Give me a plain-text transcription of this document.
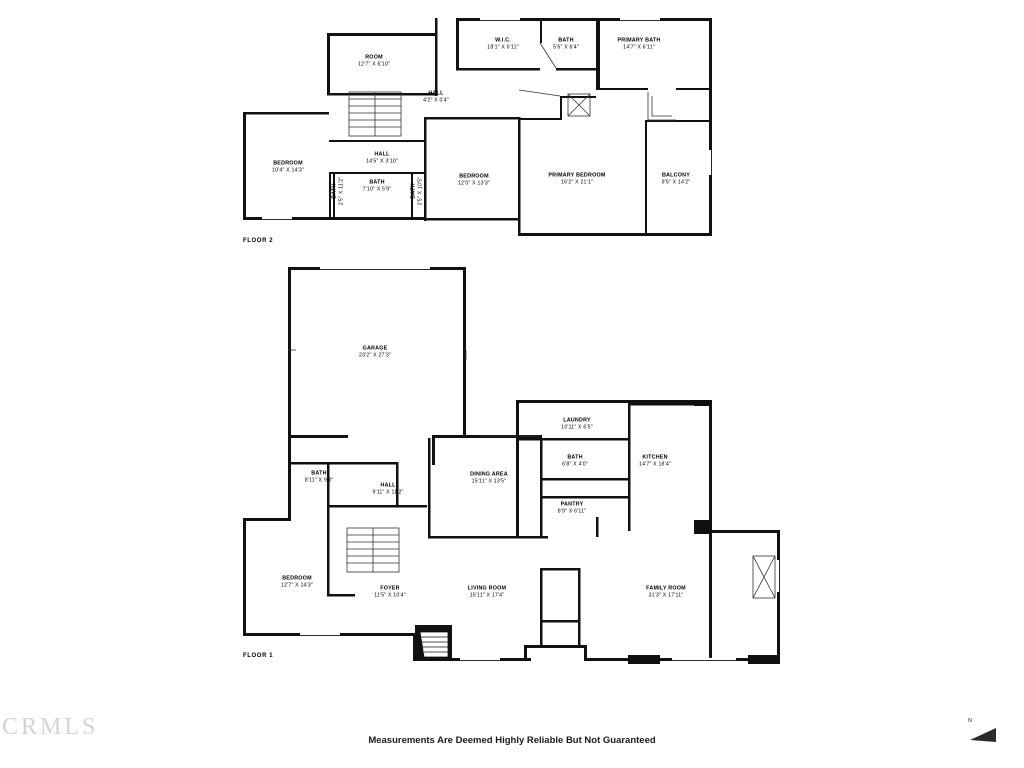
ROOM
12'7" X 6'10"
W.I.C.
18'1" X 6'11"
BATH
5'6" X 6'4"
PRIMARY BATH
14'7" X 6'11"
HALL
4'2" X 0'4"
BEDROOM
10'4" X 14'3"
HALL
14'5" X 3'10"
BATH
7'10" X 5'9"
BATH 2'5" X 11'2"	BATH 2'5" X 10'5"
BEDROOM
12'0" X 13'3"
PRIMARY BEDROOM
16'2" X 21'1"
BALCONY
9'5" X 14'2"
GARAGE
23'2" X 27'3"
LAUNDRY
10'11" X 6'5"
KITCHEN
14'7" X 18'4"
BATH
6'8" X 4'0"
DINING AREA
15'11" X 13'5"
BATH
8'11" X 9'8"
HALL
9'11" X 11'2"
PANTRY
8'9" X 6'11"
BEDROOM
12'7" X 14'3"
FOYER
11'5" X 10'4"
LIVING ROOM
15'11" X 17'4"
FAMILY ROOM
31'3" X 17'11"
FLOOR 2
FLOOR 1
Measurements Are Deemed Highly Reliable But Not Guaranteed
CRMLS	N
